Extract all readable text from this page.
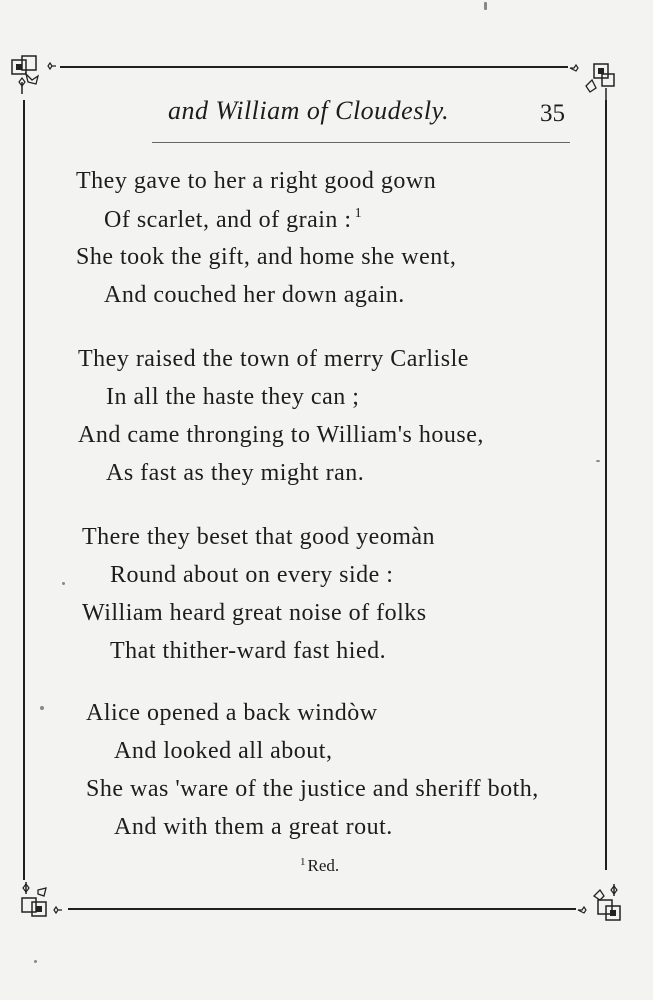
and William of Cloudesly.	35
They gave to her a right good gown
Of scarlet, and of grain : $^1$
She took the gift, and home she went,
And couched her down again.
They raised the town of merry Carlisle
In all the haste they can ;
And came thronging to William's house,
As fast as they might ran.
There they beset that good yeomàn
Round about on every side :
William heard great noise of folks
That thither-ward fast hied.
Alice opened a back windòw
And looked all about,
She was 'ware of the justice and sheriff both,
And with them a great rout.
$^1$ Red.
